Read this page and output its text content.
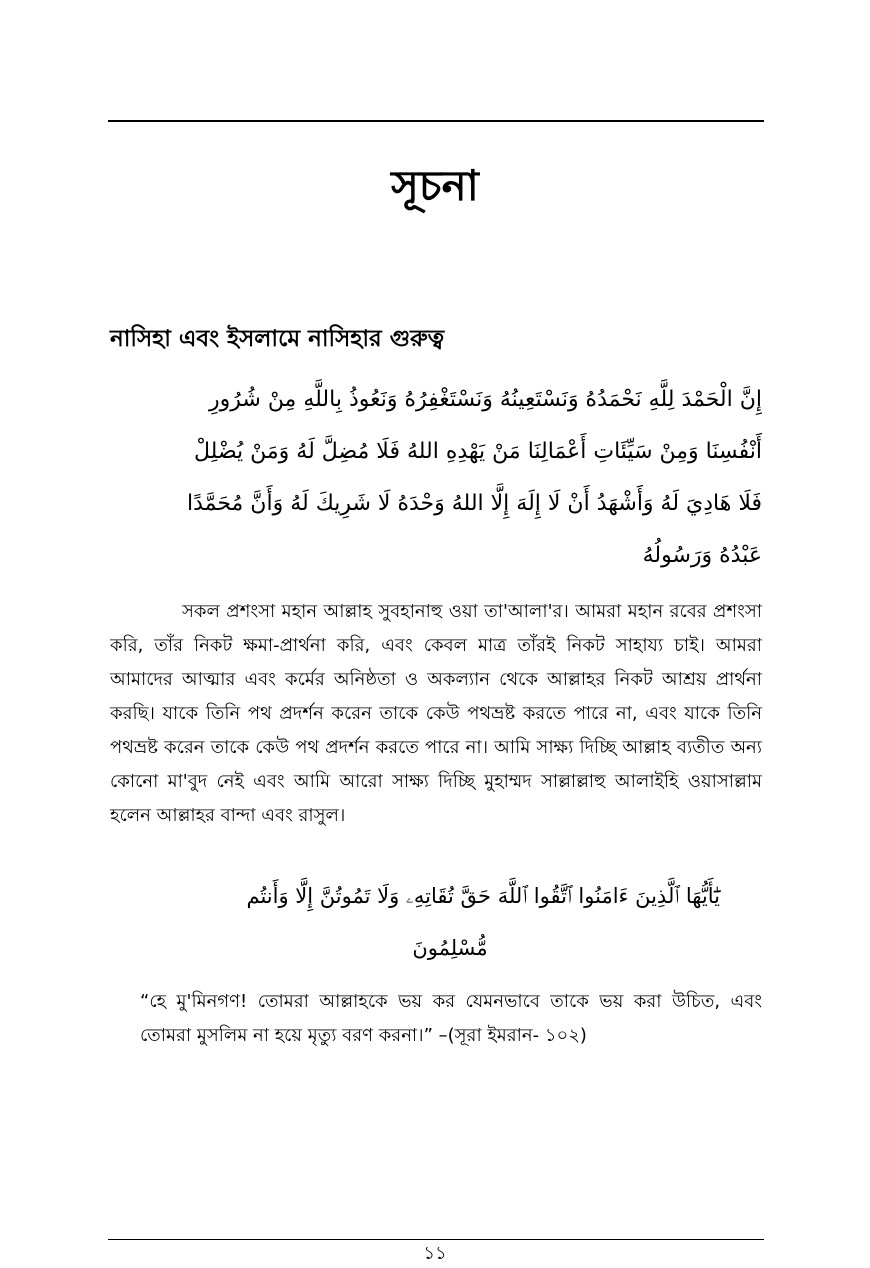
সূচনা
নাসিহা এবং ইসলামে নাসিহার গুরুত্ব
إِنَّ الْحَمْدَ لِلَّهِ نَحْمَدُهُ وَنَسْتَعِينُهُ وَنَسْتَغْفِرُهُ وَنَعُوذُ بِاللَّهِ مِنْ شُرُورِ
أَنْفُسِنَا وَمِنْ سَيِّئَاتِ أَعْمَالِنَا مَنْ يَهْدِهِ اللهُ فَلَا مُضِلَّ لَهُ وَمَنْ يُضْلِلْ
فَلَا هَادِيَ لَهُ وَأَشْهَدُ أَنْ لَا إِلَهَ إِلَّا اللهُ وَحْدَهُ لَا شَرِيكَ لَهُ وَأَنَّ مُحَمَّدًا
عَبْدُهُ وَرَسُولُهُ

সকল প্রশংসা মহান আল্লাহ সুবহানাহু ওয়া তা'আলা'র। আমরা মহান রবের প্রশংসা করি, তাঁর নিকট ক্ষমা-প্রার্থনা করি, এবং কেবল মাত্র তাঁরই নিকট সাহায্য চাই। আমরা আমাদের আত্মার এবং কর্মের অনিষ্ঠতা ও অকল্যান থেকে আল্লাহর নিকট আশ্রয় প্রার্থনা করছি। যাকে তিনি পথ প্রদর্শন করেন তাকে কেউ পথভ্রষ্ট করতে পারে না, এবং যাকে তিনি পথভ্রষ্ট করেন তাকে কেউ পথ প্রদর্শন করতে পারে না। আমি সাক্ষ্য দিচ্ছি আল্লাহ ব্যতীত অন্য কোনো মা'বুদ নেই এবং আমি আরো সাক্ষ্য দিচ্ছি মুহাম্মদ সাল্লাল্লাহু আলাইহি ওয়াসাল্লাম হলেন আল্লাহর বান্দা এবং রাসুল।

يَٰٓأَيُّهَا ٱلَّذِينَ ءَامَنُوا ٱتَّقُوا ٱللَّهَ حَقَّ تُقَاتِهِۦ وَلَا تَمُوتُنَّ إِلَّا وَأَنتُم
مُّسْلِمُونَ

“হে মু'মিনগণ! তোমরা আল্লাহকে ভয় কর যেমনভাবে তাকে ভয় করা উচিত, এবং তোমরা মুসলিম না হয়ে মৃত্যু বরণ করনা।” –(সূরা ইমরান- ১০২)

১১
